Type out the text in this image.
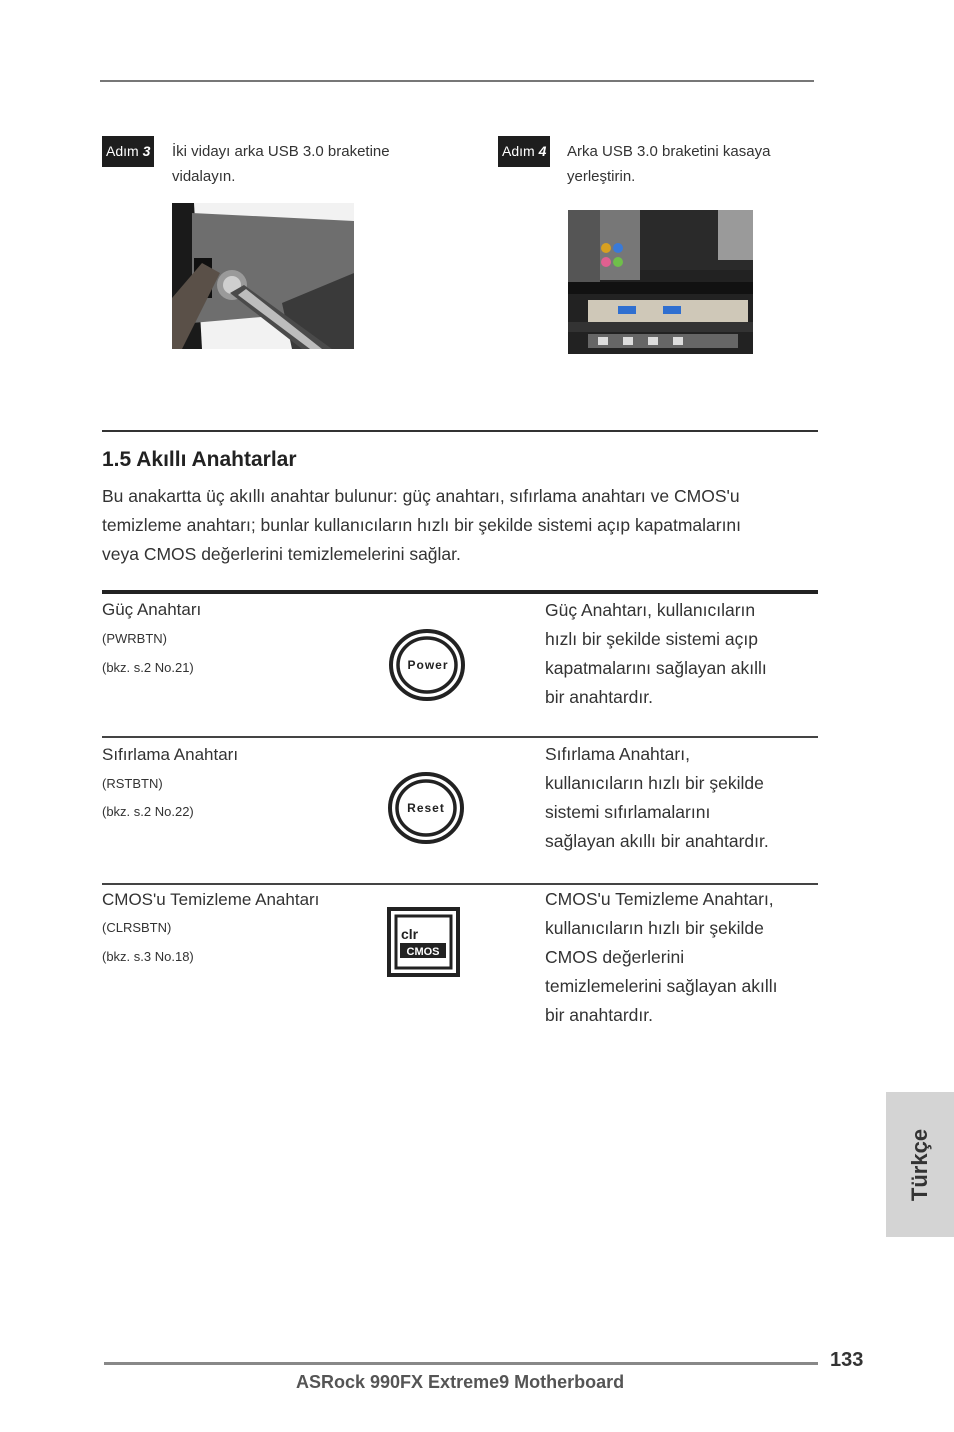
Adım 3 İki vidayı arka USB 3.0 braketine
vidalayın.
Adım 4 Arka USB 3.0 braketini kasaya
yerleştirin.
1.5 Akıllı Anahtarlar
Bu anakartta üç akıllı anahtar bulunur: güç anahtarı, sıfırlama anahtarı ve CMOS'u
temizleme anahtarı; bunlar kullanıcıların hızlı bir şekilde sistemi açıp kapatmalarını
veya CMOS değerlerini temizlemelerini sağlar.
Güç Anahtarı
(PWRBTN)
(bkz. s.2 No.21)	Power
Güç Anahtarı, kullanıcıların
hızlı bir şekilde sistemi açıp
kapatmalarını sağlayan akıllı
bir anahtardır.
Sıfırlama Anahtarı
(RSTBTN)
(bkz. s.2 No.22)	Reset
Sıfırlama Anahtarı,
kullanıcıların hızlı bir şekilde
sistemi sıfırlamalarını
sağlayan akıllı bir anahtardır.
CMOS'u Temizleme Anahtarı
(CLRSBTN)
(bkz. s.3 No.18)
clr
CMOS
CMOS'u Temizleme Anahtarı,
kullanıcıların hızlı bir şekilde
CMOS değerlerini
temizlemelerini sağlayan akıllı
bir anahtardır.
Türkçe
133
ASRock 990FX Extreme9 Motherboard
